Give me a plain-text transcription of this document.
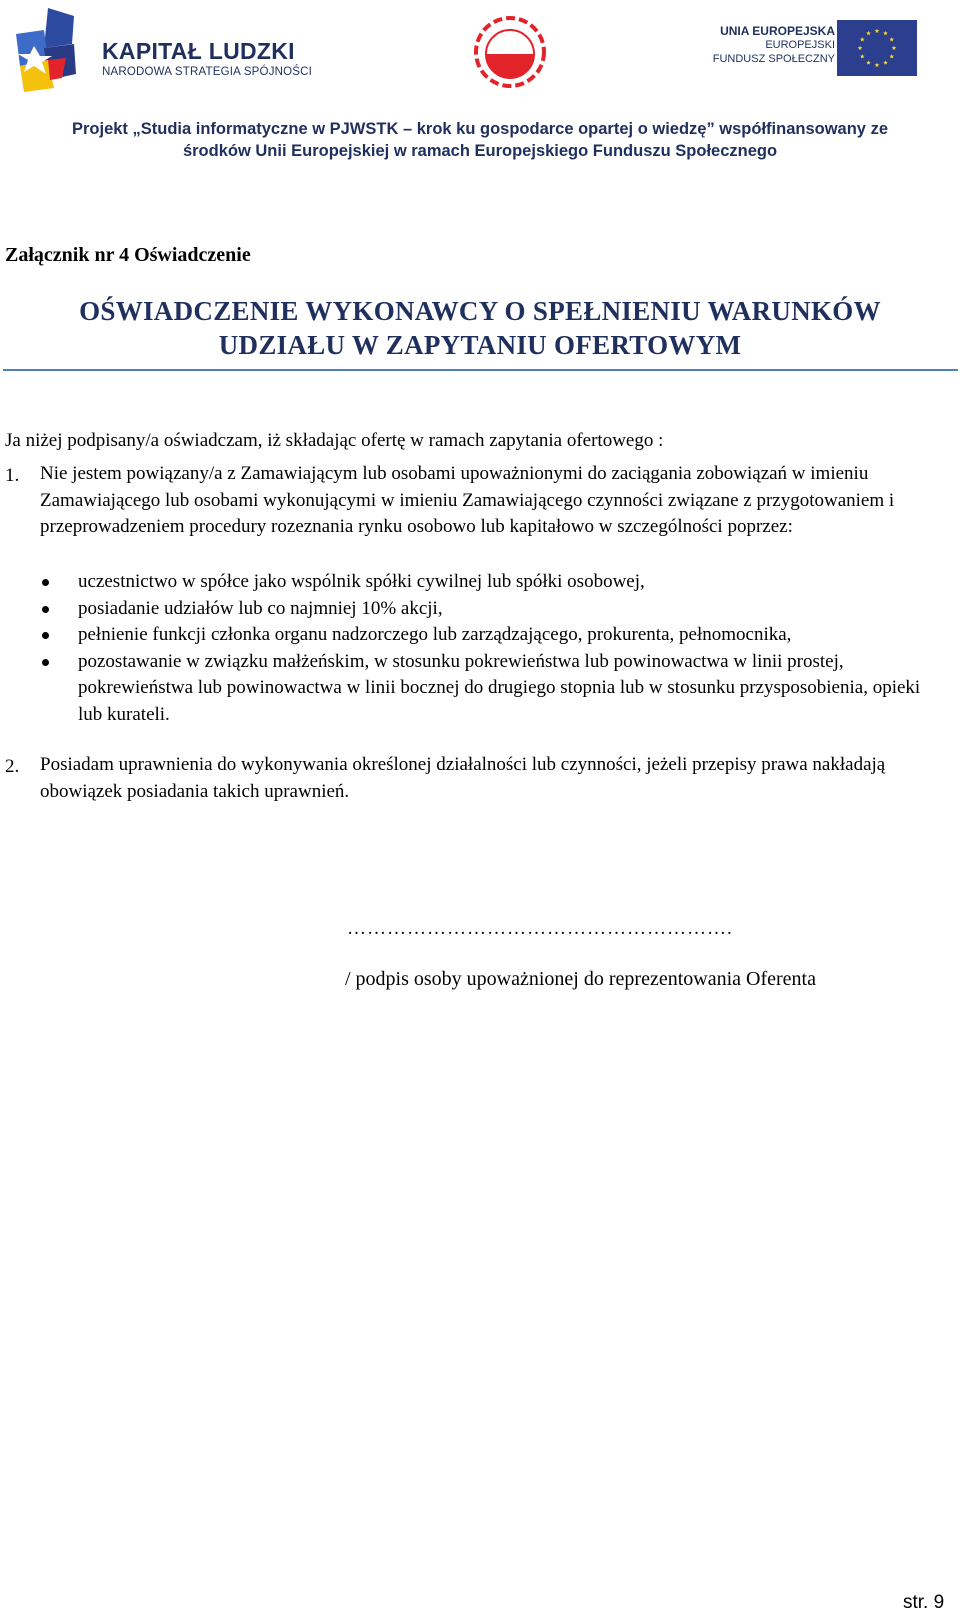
KAPITAŁ LUDZKI
NARODOWA STRATEGIA SPÓJNOŚCI
UNIA EUROPEJSKA
EUROPEJSKI
FUNDUSZ SPOŁECZNY
Projekt „Studia informatyczne w PJWSTK – krok ku gospodarce opartej o wiedzę” współfinansowany ze
środków Unii Europejskiej w ramach Europejskiego Funduszu Społecznego
Załącznik nr 4 Oświadczenie
OŚWIADCZENIE WYKONAWCY O SPEŁNIENIU WARUNKÓW
UDZIAŁU W ZAPYTANIU OFERTOWYM
Ja niżej podpisany/a oświadczam, iż składając ofertę w ramach zapytania ofertowego :
1. Nie jestem powiązany/a z Zamawiającym lub osobami upoważnionymi do zaciągania zobowiązań w imieniu Zamawiającego lub osobami wykonującymi w imieniu Zamawiającego czynności związane z przygotowaniem i przeprowadzeniem procedury rozeznania rynku osobowo lub kapitałowo w szczególności poprzez:
uczestnictwo w spółce jako wspólnik spółki cywilnej lub spółki osobowej,
posiadanie udziałów lub co najmniej 10% akcji,
pełnienie funkcji członka organu nadzorczego lub zarządzającego, prokurenta, pełnomocnika,
pozostawanie w związku małżeńskim, w stosunku pokrewieństwa lub powinowactwa w linii prostej, pokrewieństwa lub powinowactwa w linii bocznej do drugiego stopnia lub w stosunku przysposobienia, opieki lub kurateli.
2. Posiadam uprawnienia do wykonywania określonej działalności lub czynności, jeżeli przepisy prawa nakładają obowiązek posiadania takich uprawnień.
………………………………………………….
/ podpis osoby upoważnionej do reprezentowania Oferenta
str. 9
